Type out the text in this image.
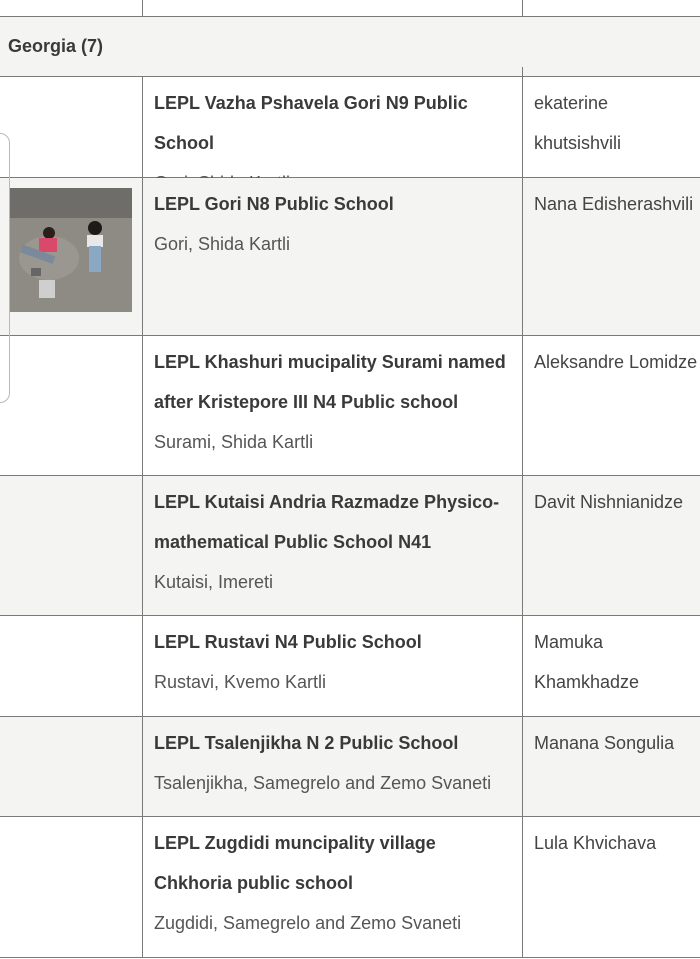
Georgia (7)
LEPL Vazha Pshavela Gori N9 Public School
ekaterine khutsishvili
LEPL Gori N8 Public School
Gori, Shida Kartli
Nana Edisherashvili
LEPL Khashuri mucipality Surami named after Kristepore III N4 Public school
Surami, Shida Kartli
Aleksandre Lomidze
LEPL Kutaisi Andria Razmadze Physico-mathematical Public School N41
Kutaisi, Imereti
Davit Nishnianidze
LEPL Rustavi N4 Public School
Rustavi, Kvemo Kartli
Mamuka Khamkhadze
LEPL Tsalenjikha N 2 Public School
Tsalenjikha, Samegrelo and Zemo Svaneti
Manana Songulia
LEPL Zugdidi muncipality village Chkhoria public school
Zugdidi, Samegrelo and Zemo Svaneti
Lula Khvichava
